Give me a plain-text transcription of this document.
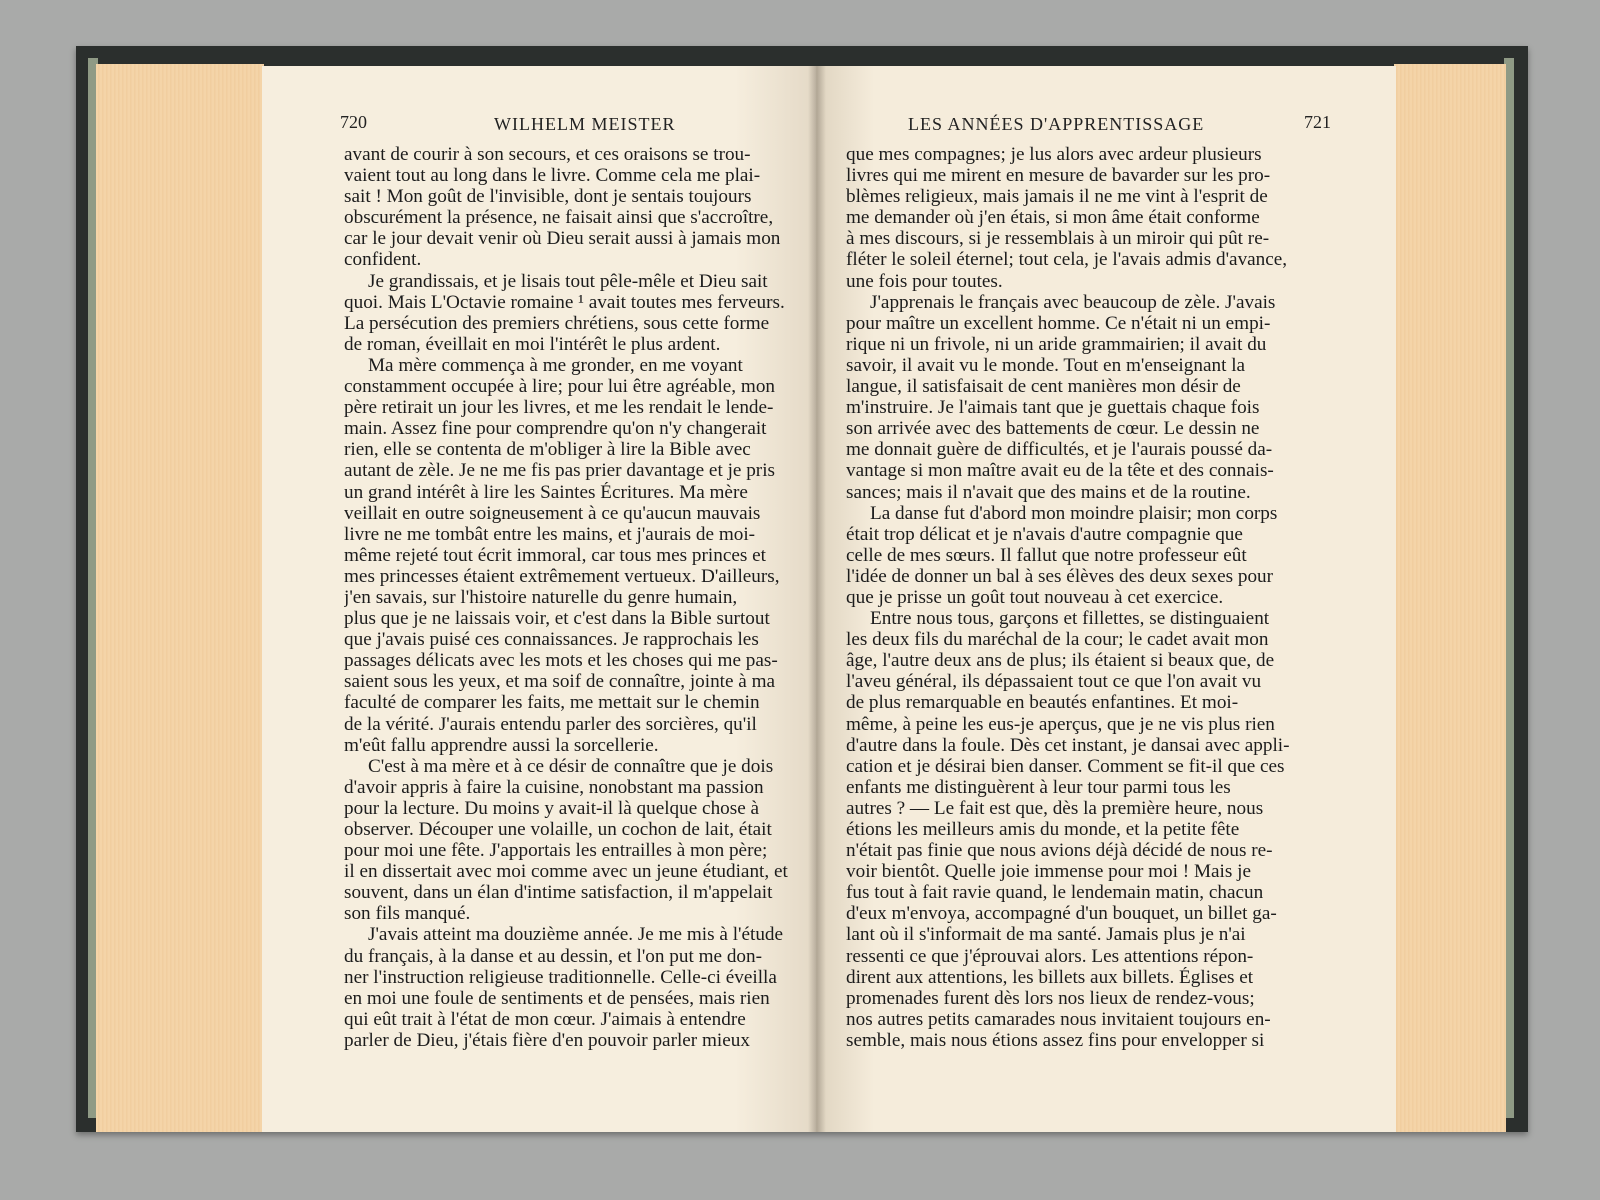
720	WILHELM MEISTER

avant de courir à son secours, et ces oraisons se trou-

vaient tout au long dans le livre. Comme cela me plai-

sait ! Mon goût de l'invisible, dont je sentais toujours

obscurément la présence, ne faisait ainsi que s'accroître,

car le jour devait venir où Dieu serait aussi à jamais mon

confident.

Je grandissais, et je lisais tout pêle-mêle et Dieu sait

quoi. Mais L'Octavie romaine ¹ avait toutes mes ferveurs.

La persécution des premiers chrétiens, sous cette forme

de roman, éveillait en moi l'intérêt le plus ardent.

Ma mère commença à me gronder, en me voyant

constamment occupée à lire; pour lui être agréable, mon

père retirait un jour les livres, et me les rendait le lende-

main. Assez fine pour comprendre qu'on n'y changerait

rien, elle se contenta de m'obliger à lire la Bible avec

autant de zèle. Je ne me fis pas prier davantage et je pris

un grand intérêt à lire les Saintes Écritures. Ma mère

veillait en outre soigneusement à ce qu'aucun mauvais

livre ne me tombât entre les mains, et j'aurais de moi-

même rejeté tout écrit immoral, car tous mes princes et

mes princesses étaient extrêmement vertueux. D'ailleurs,

j'en savais, sur l'histoire naturelle du genre humain,

plus que je ne laissais voir, et c'est dans la Bible surtout

que j'avais puisé ces connaissances. Je rapprochais les

passages délicats avec les mots et les choses qui me pas-

saient sous les yeux, et ma soif de connaître, jointe à ma

faculté de comparer les faits, me mettait sur le chemin

de la vérité. J'aurais entendu parler des sorcières, qu'il

m'eût fallu apprendre aussi la sorcellerie.

C'est à ma mère et à ce désir de connaître que je dois

d'avoir appris à faire la cuisine, nonobstant ma passion

pour la lecture. Du moins y avait-il là quelque chose à

observer. Découper une volaille, un cochon de lait, était

pour moi une fête. J'apportais les entrailles à mon père;

il en dissertait avec moi comme avec un jeune étudiant, et

souvent, dans un élan d'intime satisfaction, il m'appelait

son fils manqué.

J'avais atteint ma douzième année. Je me mis à l'étude

du français, à la danse et au dessin, et l'on put me don-

ner l'instruction religieuse traditionnelle. Celle-ci éveilla

en moi une foule de sentiments et de pensées, mais rien

qui eût trait à l'état de mon cœur. J'aimais à entendre

parler de Dieu, j'étais fière d'en pouvoir parler mieux

LES ANNÉES D'APPRENTISSAGE	721

que mes compagnes; je lus alors avec ardeur plusieurs

livres qui me mirent en mesure de bavarder sur les pro-

blèmes religieux, mais jamais il ne me vint à l'esprit de

me demander où j'en étais, si mon âme était conforme

à mes discours, si je ressemblais à un miroir qui pût re-

fléter le soleil éternel; tout cela, je l'avais admis d'avance,

une fois pour toutes.

J'apprenais le français avec beaucoup de zèle. J'avais

pour maître un excellent homme. Ce n'était ni un empi-

rique ni un frivole, ni un aride grammairien; il avait du

savoir, il avait vu le monde. Tout en m'enseignant la

langue, il satisfaisait de cent manières mon désir de

m'instruire. Je l'aimais tant que je guettais chaque fois

son arrivée avec des battements de cœur. Le dessin ne

me donnait guère de difficultés, et je l'aurais poussé da-

vantage si mon maître avait eu de la tête et des connais-

sances; mais il n'avait que des mains et de la routine.

La danse fut d'abord mon moindre plaisir; mon corps

était trop délicat et je n'avais d'autre compagnie que

celle de mes sœurs. Il fallut que notre professeur eût

l'idée de donner un bal à ses élèves des deux sexes pour

que je prisse un goût tout nouveau à cet exercice.

Entre nous tous, garçons et fillettes, se distinguaient

les deux fils du maréchal de la cour; le cadet avait mon

âge, l'autre deux ans de plus; ils étaient si beaux que, de

l'aveu général, ils dépassaient tout ce que l'on avait vu

de plus remarquable en beautés enfantines. Et moi-

même, à peine les eus-je aperçus, que je ne vis plus rien

d'autre dans la foule. Dès cet instant, je dansai avec appli-

cation et je désirai bien danser. Comment se fit-il que ces

enfants me distinguèrent à leur tour parmi tous les

autres ? — Le fait est que, dès la première heure, nous

étions les meilleurs amis du monde, et la petite fête

n'était pas finie que nous avions déjà décidé de nous re-

voir bientôt. Quelle joie immense pour moi ! Mais je

fus tout à fait ravie quand, le lendemain matin, chacun

d'eux m'envoya, accompagné d'un bouquet, un billet ga-

lant où il s'informait de ma santé. Jamais plus je n'ai

ressenti ce que j'éprouvai alors. Les attentions répon-

dirent aux attentions, les billets aux billets. Églises et

promenades furent dès lors nos lieux de rendez-vous;

nos autres petits camarades nous invitaient toujours en-

semble, mais nous étions assez fins pour envelopper si
